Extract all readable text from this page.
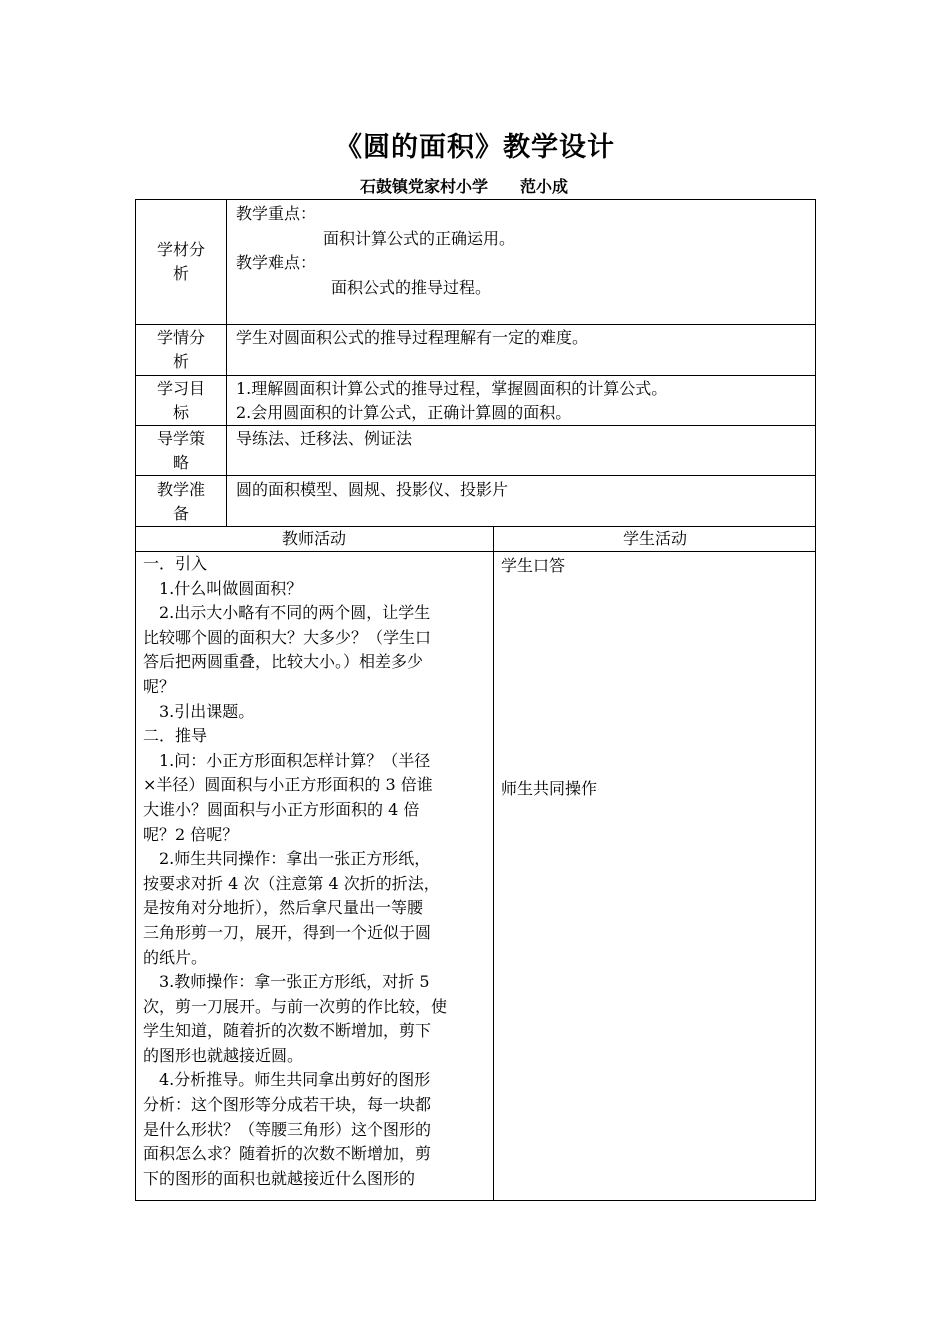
《圆的面积》教学设计
石鼓镇党家村小学　　范小成
学材分
析
教学重点：
面积计算公式的正确运用。
教学难点：
面积公式的推导过程。
学情分
析
学生对圆面积公式的推导过程理解有一定的难度。
学习目
标
1.理解圆面积计算公式的推导过程，掌握圆面积的计算公式。
2.会用圆面积的计算公式，正确计算圆的面积。
导学策
略
导练法、迁移法、例证法
教学准
备
圆的面积模型、圆规、投影仪、投影片
教师活动	学生活动
一．引入
　1.什么叫做圆面积？
　2.出示大小略有不同的两个圆，让学生
比较哪个圆的面积大？大多少？（学生口
答后把两圆重叠，比较大小。）相差多少
呢？
　3.引出课题。
二．推导
　1.问：小正方形面积怎样计算？（半径
×半径）圆面积与小正方形面积的 3 倍谁
大谁小？圆面积与小正方形面积的 4 倍
呢？2 倍呢？
　2.师生共同操作：拿出一张正方形纸，
按要求对折 4 次（注意第 4 次折的折法，
是按角对分地折），然后拿尺量出一等腰
三角形剪一刀，展开，得到一个近似于圆
的纸片。
　3.教师操作：拿一张正方形纸，对折 5
次，剪一刀展开。与前一次剪的作比较，使
学生知道，随着折的次数不断增加，剪下
的图形也就越接近圆。
　4.分析推导。师生共同拿出剪好的图形
分析：这个图形等分成若干块，每一块都
是什么形状？（等腰三角形）这个图形的
面积怎么求？随着折的次数不断增加，剪
下的图形的面积也就越接近什么图形的
学生口答
师生共同操作
